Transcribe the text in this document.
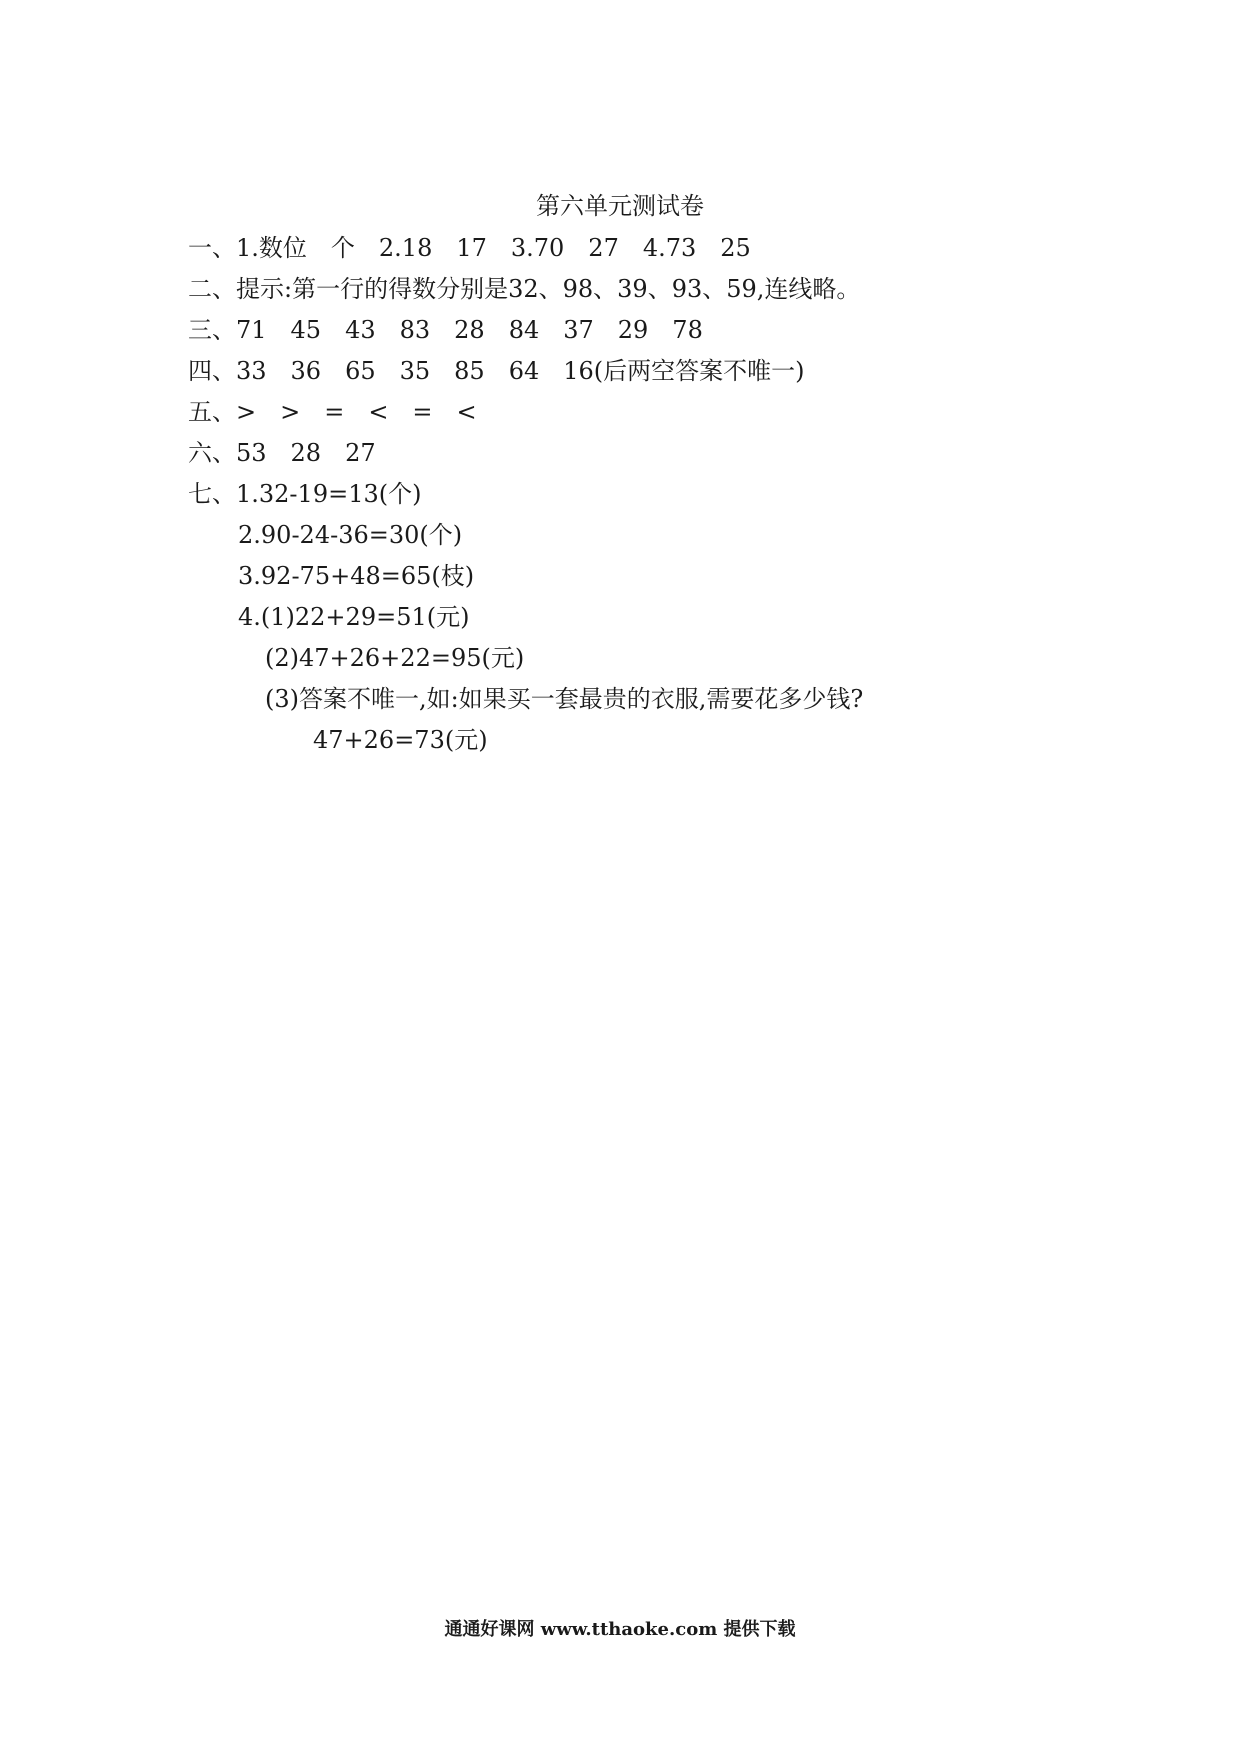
第六单元测试卷
一、1.数位　个　2.18　17　3.70　27　4.73　25
二、提示:第一行的得数分别是32、98、39、93、59,连线略。
三、71　45　43　83　28　84　37　29　78
四、33　36　65　35　85　64　16(后两空答案不唯一)
五、>　>　=　<　=　<
六、53　28　27
七、1.32-19=13(个)
2.90-24-36=30(个)
3.92-75+48=65(枝)
4.(1)22+29=51(元)
(2)47+26+22=95(元)
(3)答案不唯一,如:如果买一套最贵的衣服,需要花多少钱?
47+26=73(元)
通通好课网 www.tthaoke.com 提供下载
